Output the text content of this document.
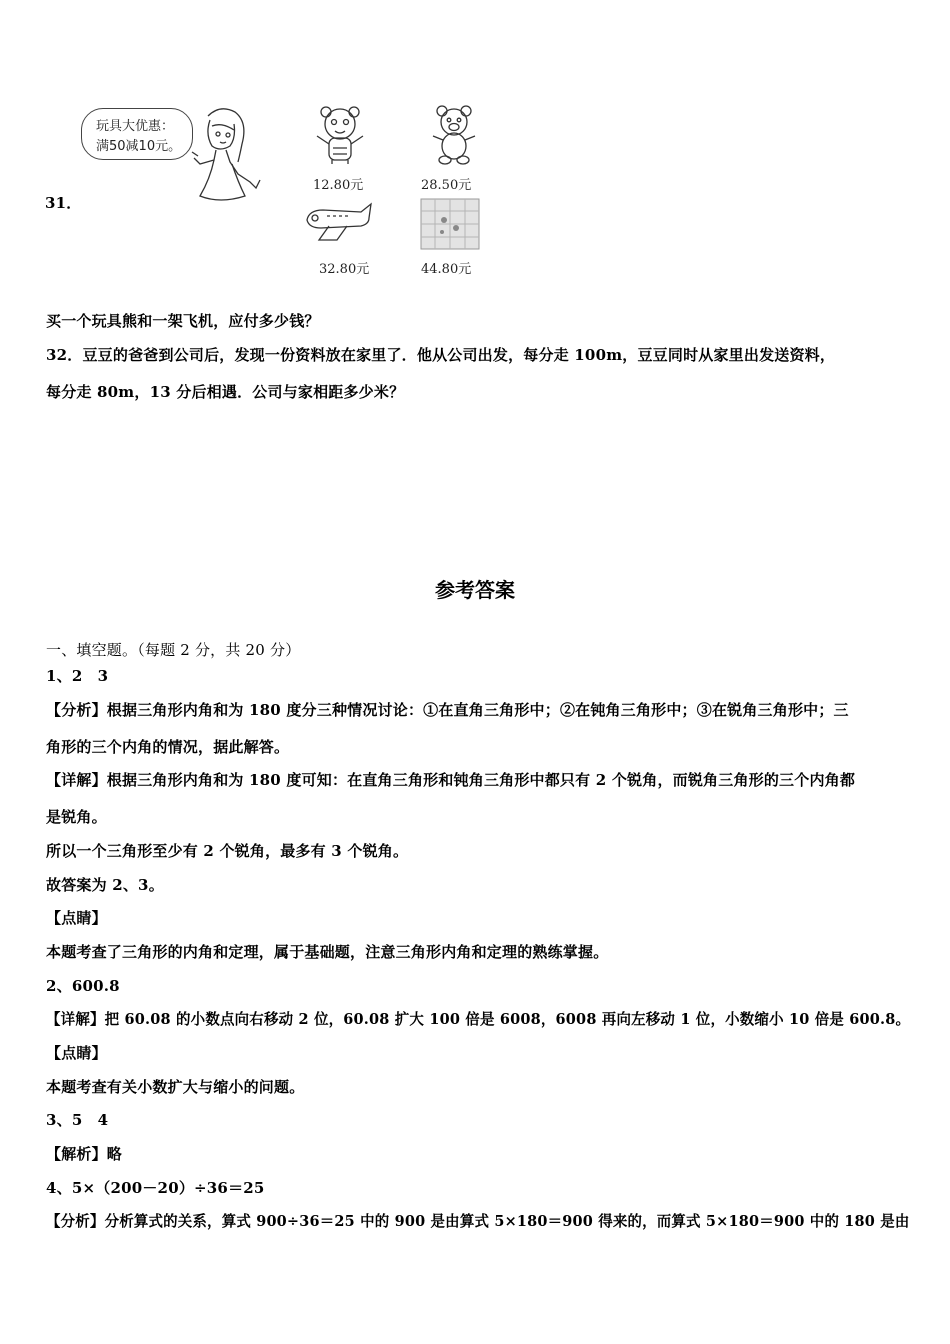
玩具大优惠：
满50减10元。
31．
12.80元	28.50元
32.80元	44.80元
买一个玩具熊和一架飞机，应付多少钱？
32．豆豆的爸爸到公司后，发现一份资料放在家里了．他从公司出发，每分走 100m，豆豆同时从家里出发送资料，
每分走 80m，13 分后相遇．公司与家相距多少米？
参考答案
一、填空题。（每题 2 分，共 20 分）
1、2　3
【分析】根据三角形内角和为 180 度分三种情况讨论：①在直角三角形中；②在钝角三角形中；③在锐角三角形中；三
角形的三个内角的情况，据此解答。
【详解】根据三角形内角和为 180 度可知：在直角三角形和钝角三角形中都只有 2 个锐角，而锐角三角形的三个内角都
是锐角。
所以一个三角形至少有 2 个锐角，最多有 3 个锐角。
故答案为 2、3。
【点睛】
本题考查了三角形的内角和定理，属于基础题，注意三角形内角和定理的熟练掌握。
2、600.8
【详解】把 60.08 的小数点向右移动 2 位，60.08 扩大 100 倍是 6008，6008 再向左移动 1 位，小数缩小 10 倍是 600.8。
【点睛】
本题考查有关小数扩大与缩小的问题。
3、5　4
【解析】略
4、5×（200－20）÷36＝25
【分析】分析算式的关系，算式 900÷36＝25 中的 900 是由算式 5×180＝900 得来的，而算式 5×180＝900 中的 180 是由
